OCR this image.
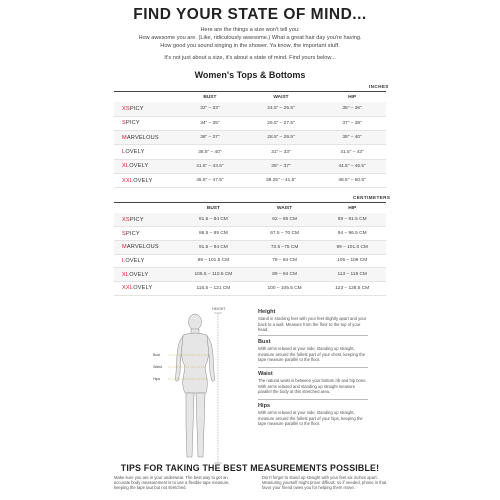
FIND YOUR STATE OF MIND...
Here are the things a size won't tell you:
How awesome you are. (Like, ridiculously awesome.) What a great hair day you're having.
How good you sound singing in the shower. Ya know, the important stuff.
It's not just about a size, it's about a state of mind. Find yours below...
Women's Tops & Bottoms
INCHES
	BUST	WAIST	HIP
XSPICY	32" – 33"	24.5" – 25.5"	35" – 36"
SPICY	34" – 35"	26.5" – 27.5"	37" – 38"
MARVELOUS	36" – 37"	28.5" – 29.5"	39" – 40"
LOVELY	38.5" – 40"	31" – 33"	41.5" – 43"
XLOVELY	41.5" – 43.5"	35" – 37"	44.5" – 46.5"
XXLOVELY	45.5" – 47.5"	39.25" – 41.5"	48.5" – 50.5"
CENTIMETERS
	BUST	WAIST	HIP
XSPICY	81.5 – 84 CM	62 – 65 CM	89 – 91.5 CM
SPICY	86.5 – 89 CM	67.5 – 70 CM	94 – 96.5 CM
MARVELOUS	91.5 – 94 CM	72.5 –75 CM	99 – 101.5 CM
LOVELY	98 – 101.5 CM	79 – 84 CM	105 – 109 CM
XLOVELY	105.5 – 110.5 CM	89 – 94 CM	113 – 118 CM
XXLOVELY	115.5 – 121 CM	100 – 105.5 CM	123 – 128.5 CM
HEIGHT
Bust
Waist
Hips
Height
Stand in stocking feet with your feet slightly apart and your back to a wall. Measure from the floor to the top of your head.
Bust
With arms relaxed at your side, standing up straight, measure around the fullest part of your chest, keeping the tape measure parallel to the floor.
Waist
The natural waist is between your bottom rib and hip bone. With arms relaxed and standing up straight measure parallel the body at this stretched area.
Hips
With arms relaxed at your side, standing up straight, measure around the fullest part of your hips, keeping the tape measure parallel to the floor.
TIPS FOR TAKING THE BEST MEASUREMENTS POSSIBLE!
Make sure you are in your underwear. The best way to get an accurate body measurement is to use a flexible tape measure, keeping the tape taut but not stretched.
Don't forget to stand up straight with your feet six inches apart. Measuring yourself might prove difficult, so if needed, phone in that favor your friend owes you for helping them move.
